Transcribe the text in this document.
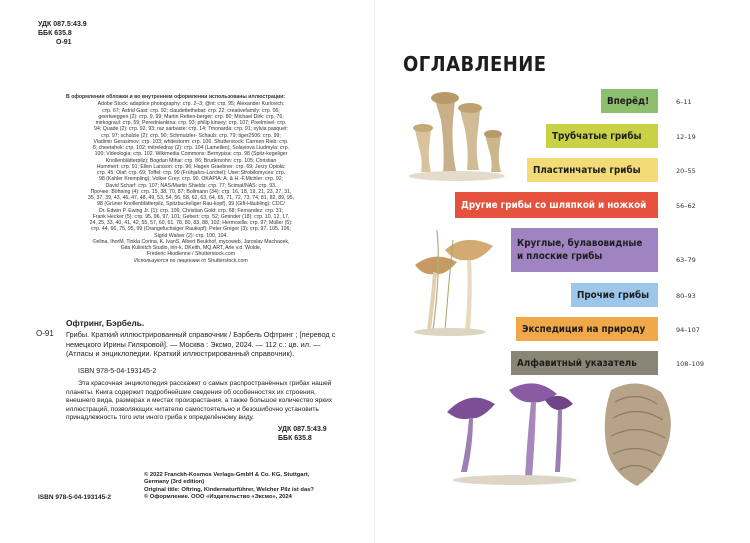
УДК 087.5:43.9
ББК 635.8
О-91
В оформлении обложки и во внутреннем оформлении использованы иллюстрации:
Adobe Stock: adaptice photography: стр. 2–3; @nt: стр. 95; Alexander Kurlovich:
стр. 67; Astrid Gast: стр. 92; claudettethebat: стр. 22; creativefamily: стр. 06;
geertweggen (2): стр. 9, 99; Martin Retten-berger: стр. 80; Michael Dirk: стр. 76;
mirkograul: стр. 59; Peredniankina: стр. 93; philip kinsey: стр. 107; Pixelmixel: стр.
94; Quade (2): стр. 92, 93; raz sarbaste: стр. 14; 7monarda: стр. 91; sylvia pasquet:
стр. 97; schulzie (2): стр. 90; Schmutzler- Schaub: стр. 79; tiger2506: стр. 99;
Vladimir Gerasimov: стр. 103; whitestorm: стр. 106. Shutterstock: Carmen Rieb: стр.
8; cheetahok: стр. 102; mitreledray (2): стр. 104 (Lamellen); Solaviova Liudmyla: стр.
100; Videologia: стр. 102. Wikimedia Commons: Bernypisa: стр. 98 (Spitz-kegeliger
Knollenblätterpilz); Bogdan Mihai: стр. 86; Brudersohn: стр. 105; Christian
Hummert: стр. 91; Ellen Larsson: стр. 96; Hagen Graebner: стр. 69; Jerzy Opioła:
стр. 45; Olaf: стр. 69; Toffel: стр. 99 (Frühjahrs-Lorchel); User:Strobilomyces: стр.
98 (Kahler Krempling); Volker Crey: стр. 90. OKAPIA: A. & H.-F.Michler: стр. 92;
David Scharf: стр. 107; NAS/Martin Shields: стр. 77; Scimat/NAS: стр. 93.
Прочее: Böhning (4): стр. 15, 38, 70, 87; Bollmann (34): стр. 16, 18, 19, 21, 23, 27, 31,
35, 37, 39, 43, 46, 47, 48, 49, 53, 54, 56, 58, 62, 63, 64, 65, 71, 72, 73, 74, 81, 82, 89, 95,
98 (Grüner Knollenblätterpilz, Spitzbuckeliger Rau-kopf), 99 (Gift-Häubling); CDC/
Dr. Edwin P. Ewing Jr. (1): стр. 106; Christian Gold: стр. 68; Fernandez: стр. 31;
Frank Hecker (5): стр. 95, 96, 97, 101; Gebert: стр. 52; Gminder (18): стр. 10, 12, 17,
24, 25, 33, 40, 41, 42, 55, 57, 60, 61, 78, 80, 83, 88, 102; Hermosilla: стр. 97; Müller (5):
стр. 44, 66, 75, 95, 99 (Orangefuchsiger Raukopf); Peter Gregor (3): стр. 97, 105, 106;
Sigrid Walser (2): стр. 100, 104.
©elina, IhorM, Tinkla Corina, K. IvanS, Albert Beukhof, mycoweb, Jaroslav Machacek,
Gita Kulinitch Studio, irin-k, DKeith, MQ.ART, Arie v.d. Wolde,
Frederic Hiodienne / Shutterstock.com
Используются по лицензии от Shutterstock.com
Офтринг, Бэрбель.
О-91 Грибы. Краткий иллюстрированный справочник / Бэрбель Офтринг ; [перевод с немецкого Ирины Гиляровой]. — Москва : Эксмо, 2024. — 112 с.: цв. ил. — (Атласы и энциклопедии. Краткий иллюстрированный справочник).
ISBN 978-5-04-193145-2
Эта красочная энциклопедия расскажет о самых распространённых грибах нашей планеты. Книга содержит подробнейшие сведения об особенностях их строения, внешнего вида, размерах и местах произрастания, а также большое количество ярких иллюстраций, позволяющих читателю самостоятельно и безошибочно установить принадлежность того или иного гриба к определённому виду.
УДК 087.5:43.9
ББК 635.8
© 2022 Franckh-Kosmos Verlags-GmbH & Co. KG, Stuttgart,
Germany (3rd edition)
Original title: Oftring, Kindernaturführer, Welcher Pilz ist das?
© Оформление. ООО «Издательство «Эксмо», 2024
ISBN 978-5-04-193145-2
ОГЛАВЛЕНИЕ
Вперёд!	6–11
Трубчатые грибы	12–19
Пластинчатые грибы	20–55
Другие грибы со шляпкой и ножкой	56–62
Круглые, булавовидные
и плоские грибы	63–79
Прочие грибы	80–93
Экспедиция на природу	94–107
Алфавитный указатель	108–109
